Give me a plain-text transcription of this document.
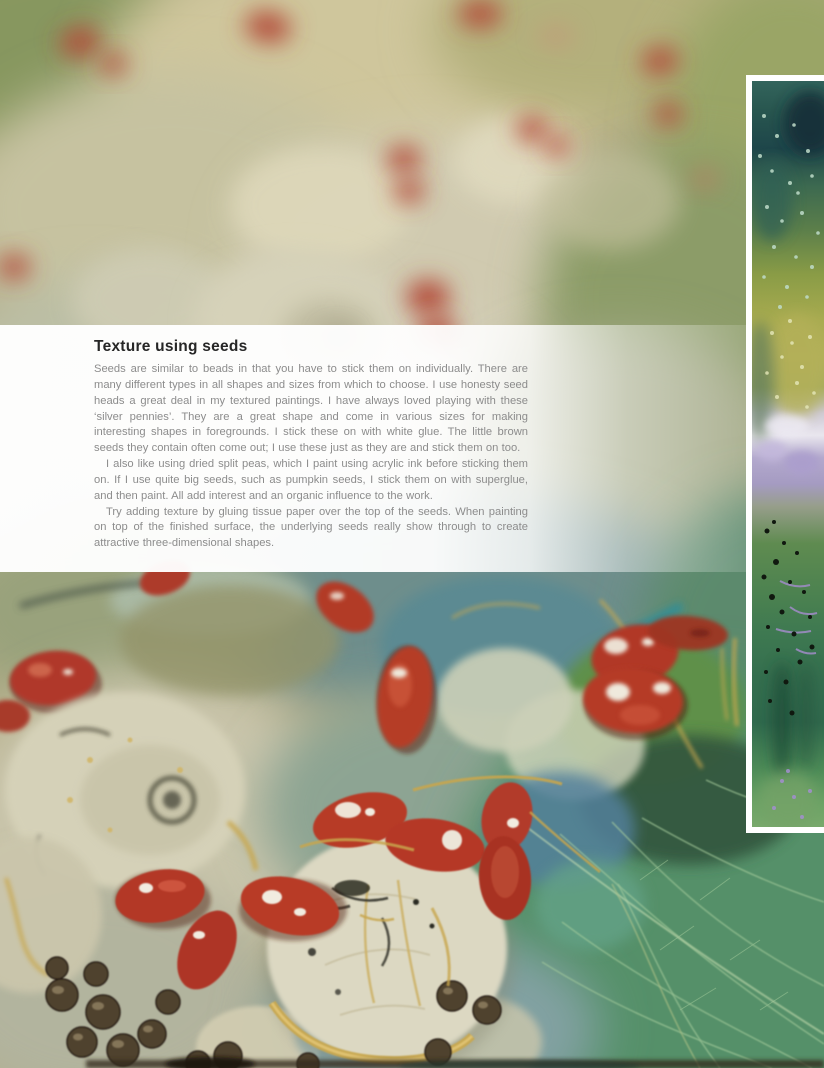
Texture using seeds

Seeds are similar to beads in that you have to stick them on individually. There are many different types in all shapes and sizes from which to choose. I use honesty seed heads a great deal in my textured paintings. I have always loved playing with these ‘silver pennies’. They are a great shape and come in various sizes for making interesting shapes in foregrounds. I stick these on with white glue. The little brown seeds they contain often come out; I use these just as they are and stick them on too.

I also like using dried split peas, which I paint using acrylic ink before sticking them on. If I use quite big seeds, such as pumpkin seeds, I stick them on with superglue, and then paint. All add interest and an organic influence to the work.

Try adding texture by gluing tissue paper over the top of the seeds. When painting on top of the finished surface, the underlying seeds really show through to create attractive three-dimensional shapes.
